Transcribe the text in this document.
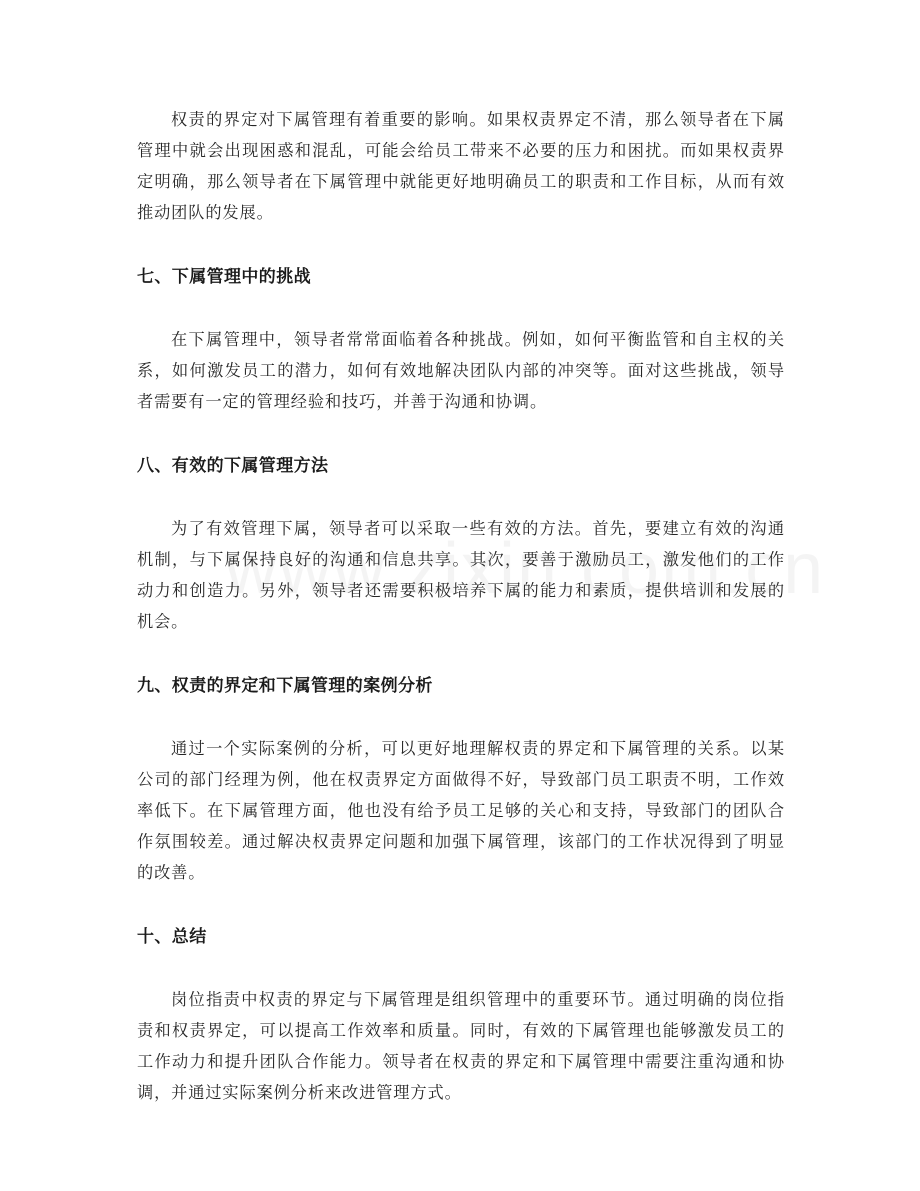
权责的界定对下属管理有着重要的影响。如果权责界定不清，那么领导者在下属管理中就会出现困惑和混乱，可能会给员工带来不必要的压力和困扰。而如果权责界定明确，那么领导者在下属管理中就能更好地明确员工的职责和工作目标，从而有效推动团队的发展。

七、下属管理中的挑战

在下属管理中，领导者常常面临着各种挑战。例如，如何平衡监管和自主权的关系，如何激发员工的潜力，如何有效地解决团队内部的冲突等。面对这些挑战，领导者需要有一定的管理经验和技巧，并善于沟通和协调。

八、有效的下属管理方法

为了有效管理下属，领导者可以采取一些有效的方法。首先，要建立有效的沟通机制，与下属保持良好的沟通和信息共享。其次，要善于激励员工，激发他们的工作动力和创造力。另外，领导者还需要积极培养下属的能力和素质，提供培训和发展的机会。

九、权责的界定和下属管理的案例分析

通过一个实际案例的分析，可以更好地理解权责的界定和下属管理的关系。以某公司的部门经理为例，他在权责界定方面做得不好，导致部门员工职责不明，工作效率低下。在下属管理方面，他也没有给予员工足够的关心和支持，导致部门的团队合作氛围较差。通过解决权责界定问题和加强下属管理，该部门的工作状况得到了明显的改善。

十、总结

岗位指责中权责的界定与下属管理是组织管理中的重要环节。通过明确的岗位指责和权责界定，可以提高工作效率和质量。同时，有效的下属管理也能够激发员工的工作动力和提升团队合作能力。领导者在权责的界定和下属管理中需要注重沟通和协调，并通过实际案例分析来改进管理方式。
